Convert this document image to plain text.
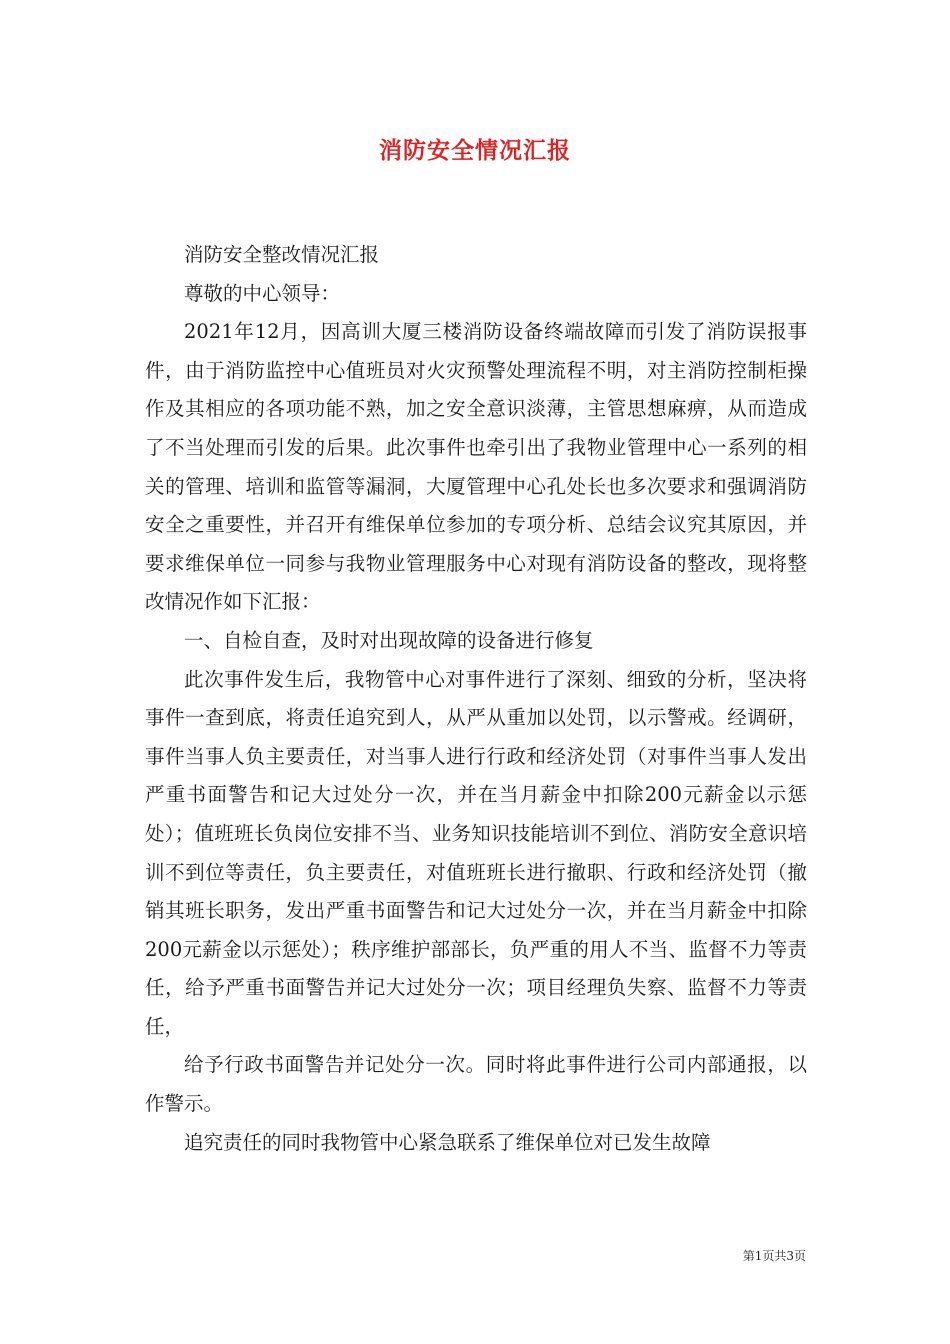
消防安全情况汇报

消防安全整改情况汇报

尊敬的中心领导：

2021年12月，因高训大厦三楼消防设备终端故障而引发了消防误报事件，由于消防监控中心值班员对火灾预警处理流程不明，对主消防控制柜操作及其相应的各项功能不熟，加之安全意识淡薄，主管思想麻痹，从而造成了不当处理而引发的后果。此次事件也牵引出了我物业管理中心一系列的相关的管理、培训和监管等漏洞，大厦管理中心孔处长也多次要求和强调消防安全之重要性，并召开有维保单位参加的专项分析、总结会议究其原因，并要求维保单位一同参与我物业管理服务中心对现有消防设备的整改，现将整改情况作如下汇报：

一、自检自查，及时对出现故障的设备进行修复

此次事件发生后，我物管中心对事件进行了深刻、细致的分析，坚决将事件一查到底，将责任追究到人，从严从重加以处罚，以示警戒。经调研，事件当事人负主要责任，对当事人进行行政和经济处罚（对事件当事人发出严重书面警告和记大过处分一次，并在当月薪金中扣除200元薪金以示惩处）；值班班长负岗位安排不当、业务知识技能培训不到位、消防安全意识培训不到位等责任，负主要责任，对值班班长进行撤职、行政和经济处罚（撤销其班长职务，发出严重书面警告和记大过处分一次，并在当月薪金中扣除200元薪金以示惩处）；秩序维护部部长，负严重的用人不当、监督不力等责任，给予严重书面警告并记大过处分一次；项目经理负失察、监督不力等责任，

给予行政书面警告并记处分一次。同时将此事件进行公司内部通报，以作警示。

追究责任的同时我物管中心紧急联系了维保单位对已发生故障

第1页共3页
